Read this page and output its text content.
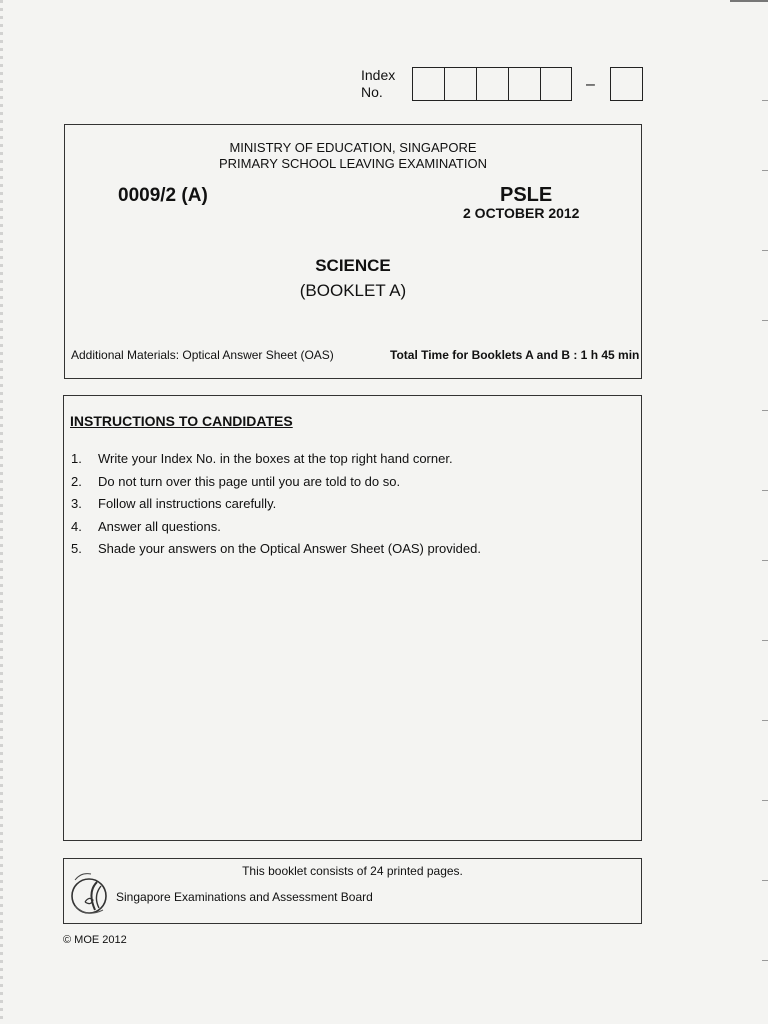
Index
No.	–
MINISTRY OF EDUCATION, SINGAPORE
PRIMARY SCHOOL LEAVING EXAMINATION
0009/2 (A)	PSLE
2 OCTOBER 2012
SCIENCE
(BOOKLET A)
Additional Materials: Optical Answer Sheet (OAS)	Total Time for Booklets A and B : 1 h 45 min
INSTRUCTIONS TO CANDIDATES
1.	Write your Index No. in the boxes at the top right hand corner.
2.	Do not turn over this page until you are told to do so.
3.	Follow all instructions carefully.
4.	Answer all questions.
5.	Shade your answers on the Optical Answer Sheet (OAS) provided.
This booklet consists of 24 printed pages.
Singapore Examinations and Assessment Board
© MOE 2012
